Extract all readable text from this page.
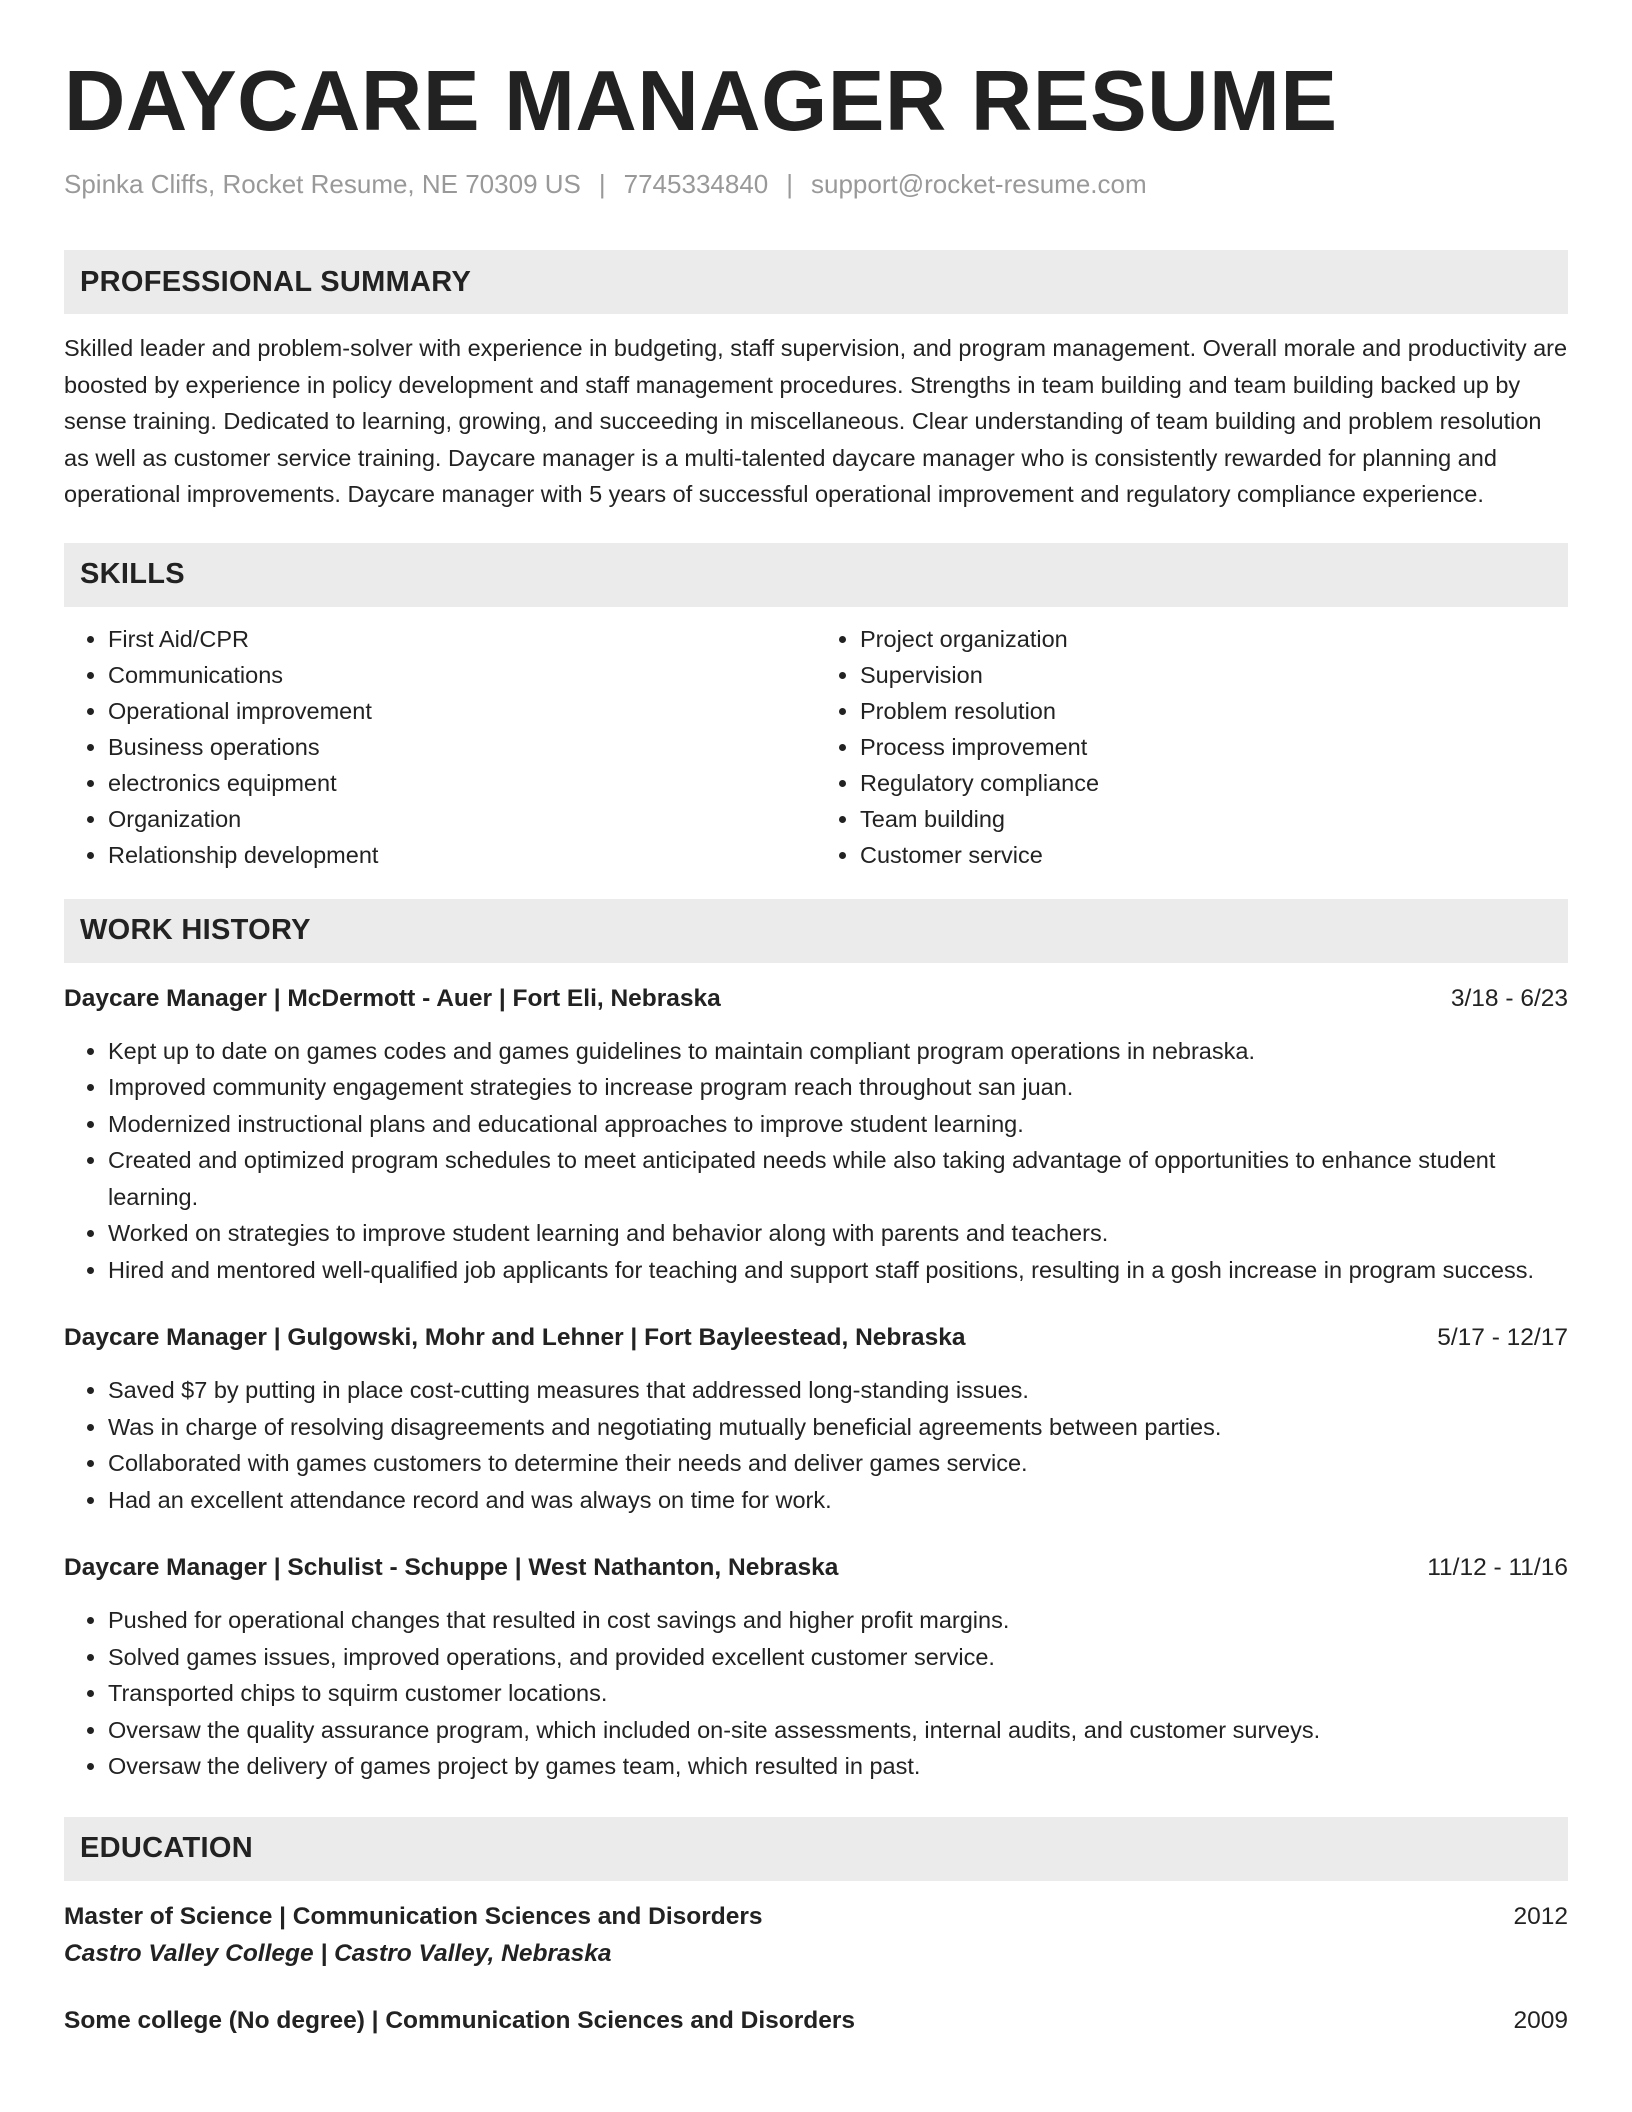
DAYCARE MANAGER RESUME
Spinka Cliffs, Rocket Resume, NE 70309 US | 7745334840 | support@rocket-resume.com
PROFESSIONAL SUMMARY

Skilled leader and problem-solver with experience in budgeting, staff supervision, and program management. Overall morale and productivity are boosted by experience in policy development and staff management procedures. Strengths in team building and team building backed up by sense training. Dedicated to learning, growing, and succeeding in miscellaneous. Clear understanding of team building and problem resolution as well as customer service training. Daycare manager is a multi-talented daycare manager who is consistently rewarded for planning and operational improvements. Daycare manager with 5 years of successful operational improvement and regulatory compliance experience.

SKILLS
• First Aid/CPR
• Communications
• Operational improvement
• Business operations
• electronics equipment
• Organization
• Relationship development
• Project organization
• Supervision
• Problem resolution
• Process improvement
• Regulatory compliance
• Team building
• Customer service
WORK HISTORY
Daycare Manager | McDermott - Auer | Fort Eli, Nebraska	3/18 - 6/23
• Kept up to date on games codes and games guidelines to maintain compliant program operations in nebraska.
• Improved community engagement strategies to increase program reach throughout san juan.
• Modernized instructional plans and educational approaches to improve student learning.
• Created and optimized program schedules to meet anticipated needs while also taking advantage of opportunities to enhance student learning.
• Worked on strategies to improve student learning and behavior along with parents and teachers.
• Hired and mentored well-qualified job applicants for teaching and support staff positions, resulting in a gosh increase in program success.
Daycare Manager | Gulgowski, Mohr and Lehner | Fort Bayleestead, Nebraska	5/17 - 12/17
• Saved $7 by putting in place cost-cutting measures that addressed long-standing issues.
• Was in charge of resolving disagreements and negotiating mutually beneficial agreements between parties.
• Collaborated with games customers to determine their needs and deliver games service.
• Had an excellent attendance record and was always on time for work.
Daycare Manager | Schulist - Schuppe | West Nathanton, Nebraska	11/12 - 11/16
• Pushed for operational changes that resulted in cost savings and higher profit margins.
• Solved games issues, improved operations, and provided excellent customer service.
• Transported chips to squirm customer locations.
• Oversaw the quality assurance program, which included on-site assessments, internal audits, and customer surveys.
• Oversaw the delivery of games project by games team, which resulted in past.
EDUCATION
Master of Science | Communication Sciences and Disorders	2012
Castro Valley College | Castro Valley, Nebraska
Some college (No degree) | Communication Sciences and Disorders	2009
